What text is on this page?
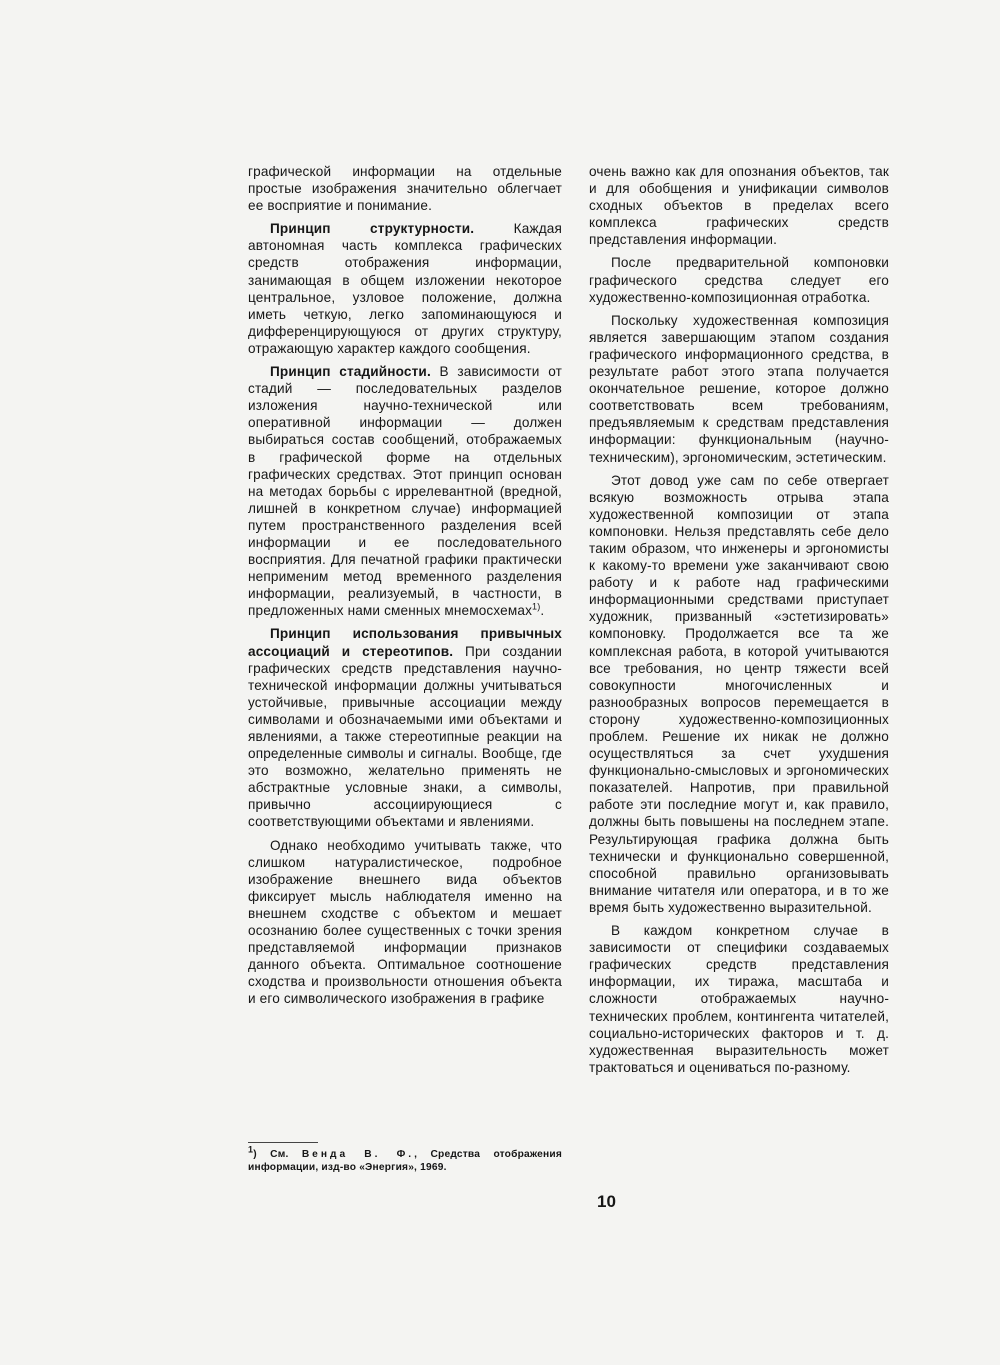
графической информации на отдельные простые изображения значительно облегчает ее восприятие и понимание.

Принцип структурности. Каждая автономная часть комплекса графических средств отображения информации, занимающая в общем изложении некоторое центральное, узловое положение, должна иметь четкую, легко запоминающуюся и дифференцирующуюся от других структуру, отражающую характер каждого сообщения.

Принцип стадийности. В зависимости от стадий — последовательных разделов изложения научно-технической или оперативной информации — должен выбираться состав сообщений, отображаемых в графической форме на отдельных графических средствах. Этот принцип основан на методах борьбы с иррелевантной (вредной, лишней в конкретном случае) информацией путем пространственного разделения всей информации и ее последовательного восприятия. Для печатной графики практически неприменим метод временного разделения информации, реализуемый, в частности, в предложенных нами сменных мнемосхемах$^{1)}$.

Принцип использования привычных ассоциаций и стереотипов. При создании графических средств представления научно-технической информации должны учитываться устойчивые, привычные ассоциации между символами и обозначаемыми ими объектами и явлениями, а также стереотипные реакции на определенные символы и сигналы. Вообще, где это возможно, желательно применять не абстрактные условные знаки, а символы, привычно ассоциирующиеся с соответствующими объектами и явлениями.

Однако необходимо учитывать также, что слишком натуралистическое, подробное изображение внешнего вида объектов фиксирует мысль наблюдателя именно на внешнем сходстве с объектом и мешает осознанию более существенных с точки зрения представляемой информации признаков данного объекта. Оптимальное соотношение сходства и произвольности отношения объекта и его символического изображения в графике

1) См. Венда В. Ф., Средства отображения информации, изд-во «Энергия», 1969.

очень важно как для опознания объектов, так и для обобщения и унификации символов сходных объектов в пределах всего комплекса графических средств представления информации.

После предварительной компоновки графического средства следует его художественно-композиционная отработка.

Поскольку художественная композиция является завершающим этапом создания графического информационного средства, в результате работ этого этапа получается окончательное решение, которое должно соответствовать всем требованиям, предъявляемым к средствам представления информации: функциональным (научно-техническим), эргономическим, эстетическим.

Этот довод уже сам по себе отвергает всякую возможность отрыва этапа художественной композиции от этапа компоновки. Нельзя представлять себе дело таким образом, что инженеры и эргономисты к какому-то времени уже заканчивают свою работу и к работе над графическими информационными средствами приступает художник, призванный «эстетизировать» компоновку. Продолжается все та же комплексная работа, в которой учитываются все требования, но центр тяжести всей совокупности многочисленных и разнообразных вопросов перемещается в сторону художественно-композиционных проблем. Решение их никак не должно осуществляться за счет ухудшения функционально-смысловых и эргономических показателей. Напротив, при правильной работе эти последние могут и, как правило, должны быть повышены на последнем этапе. Результирующая графика должна быть технически и функционально совершенной, способной правильно организовывать внимание читателя или оператора, и в то же время быть художественно выразительной.

В каждом конкретном случае в зависимости от специфики создаваемых графических средств представления информации, их тиража, масштаба и сложности отображаемых научно-технических проблем, контингента читателей, социально-исторических факторов и т. д. художественная выразительность может трактоваться и оцениваться по-разному.

10
